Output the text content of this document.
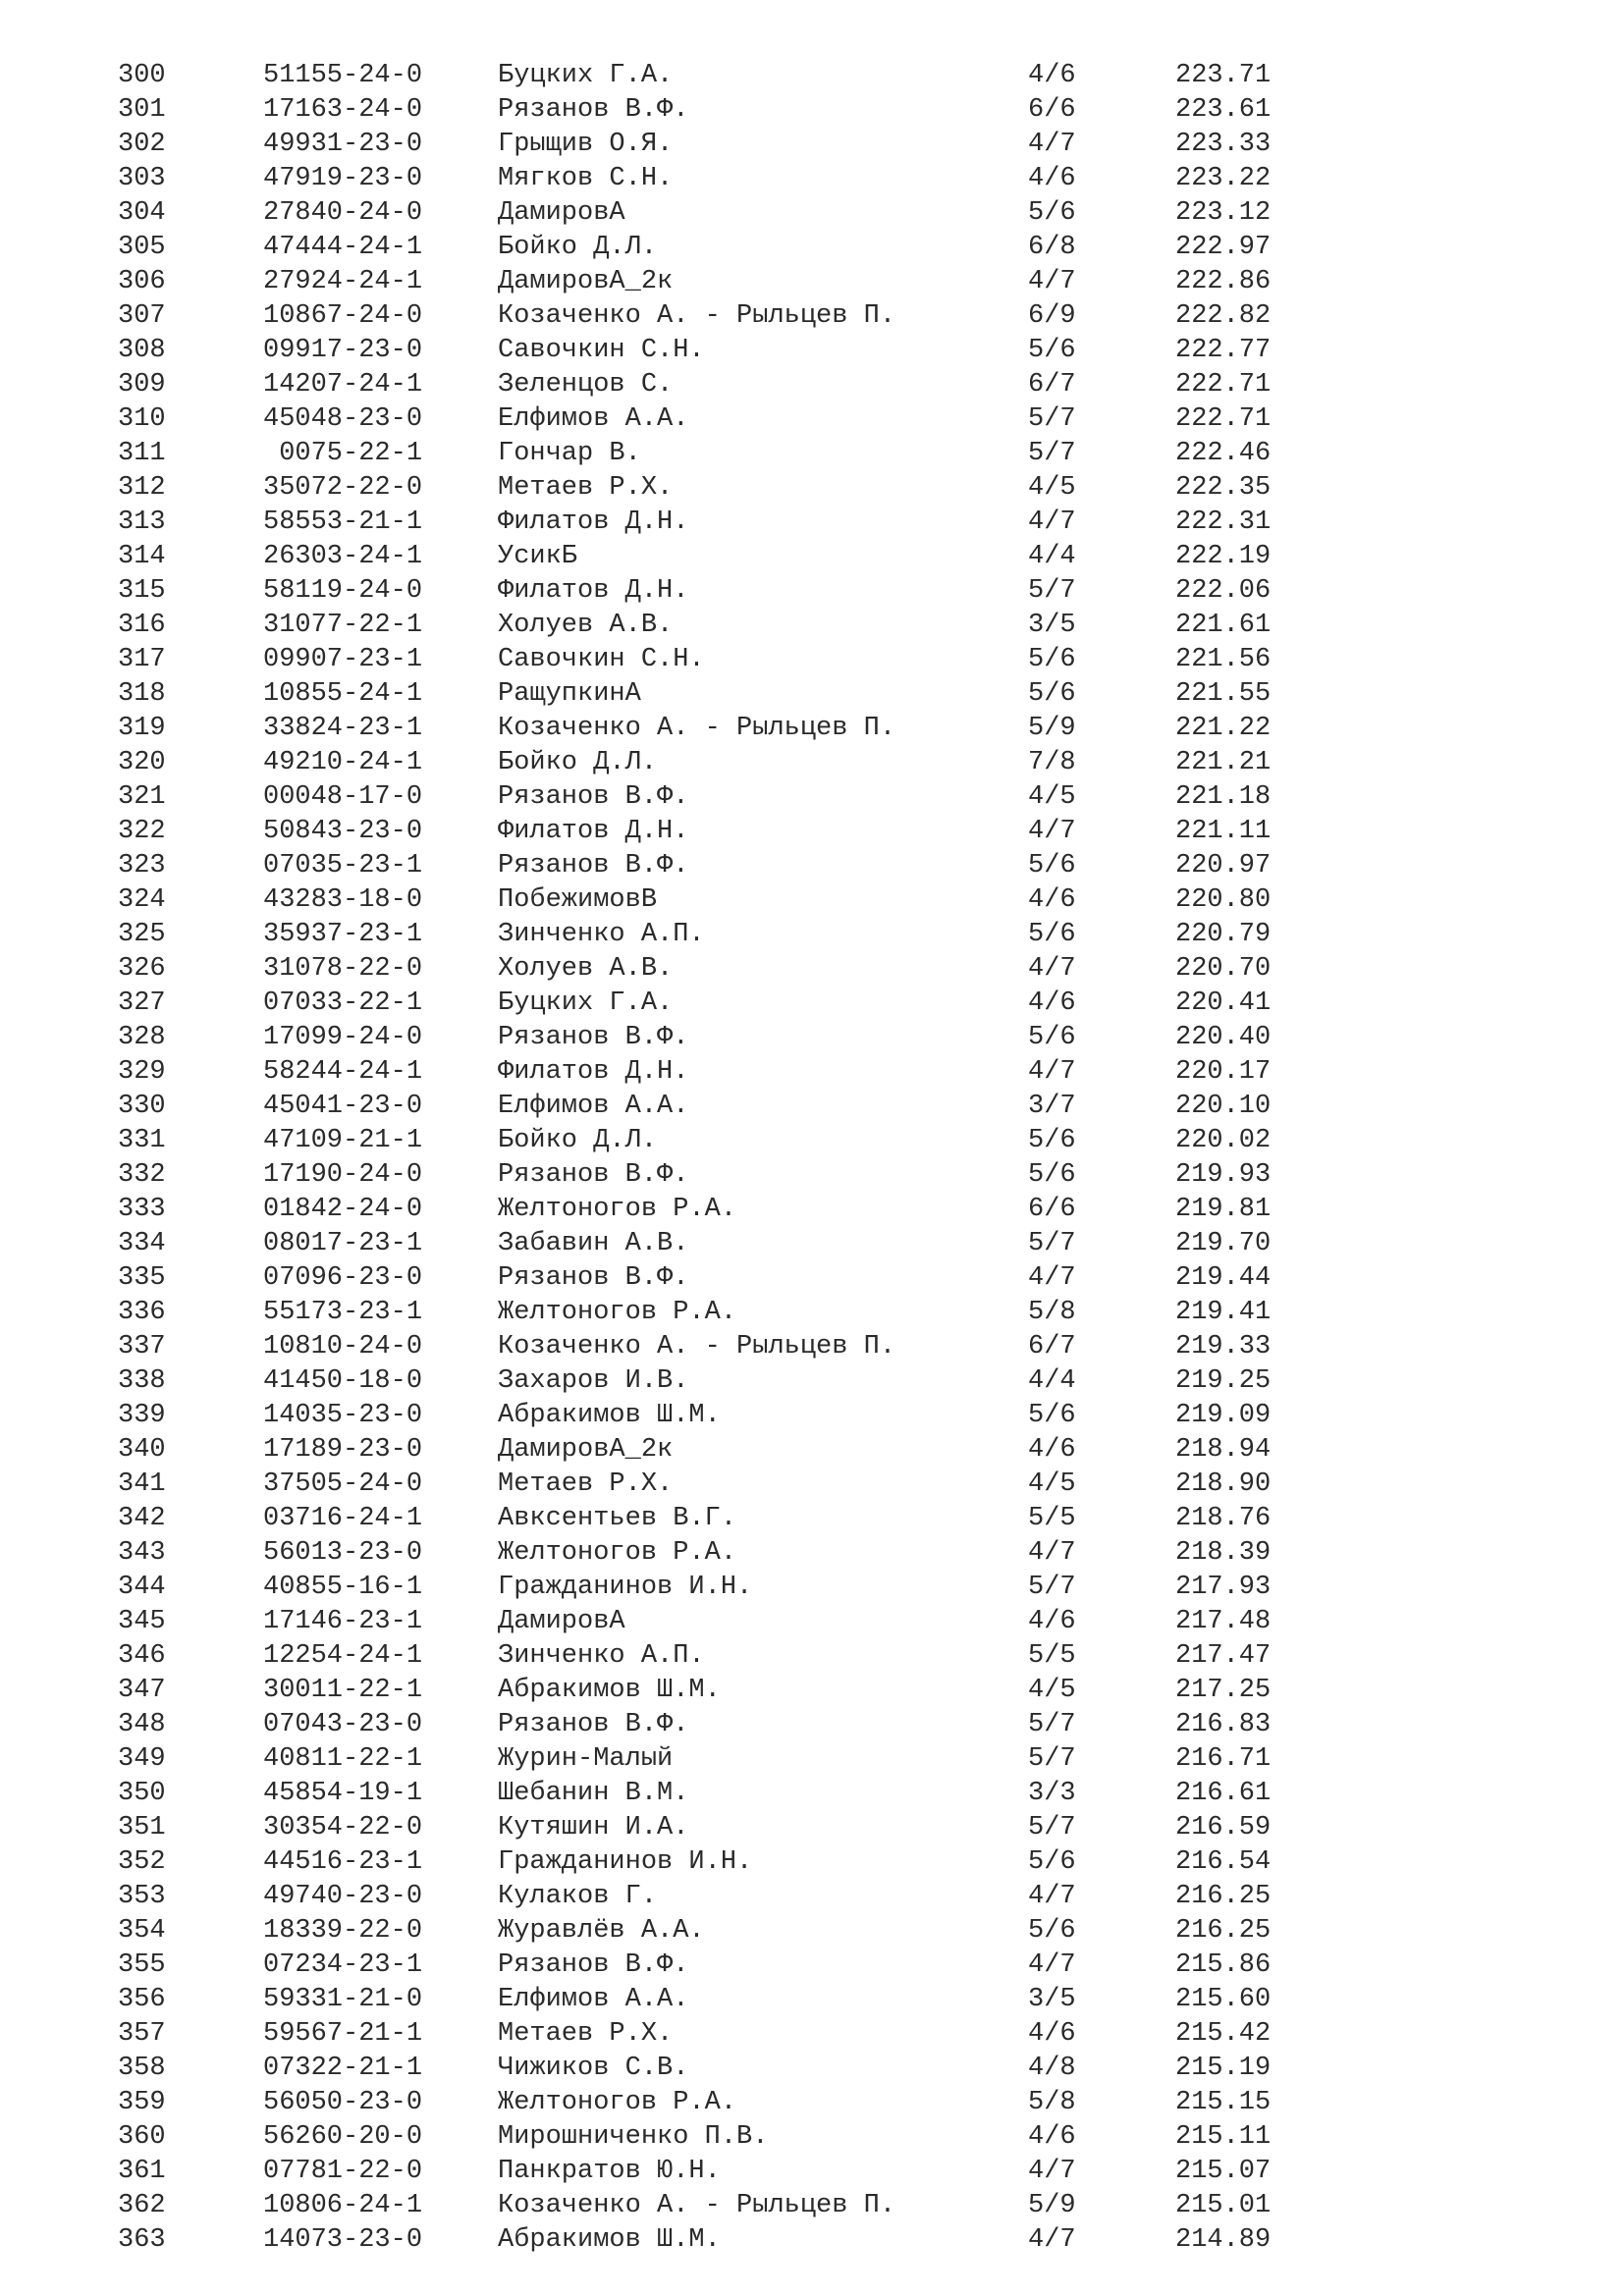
300	51155-24-0	Буцких Г.А.	4/6	223.71
301	17163-24-0	Рязанов В.Ф.	6/6	223.61
302	49931-23-0	Грыщив О.Я.	4/7	223.33
303	47919-23-0	Мягков С.Н.	4/6	223.22
304	27840-24-0	ДамировА	5/6	223.12
305	47444-24-1	Бойко Д.Л.	6/8	222.97
306	27924-24-1	ДамировА_2к	4/7	222.86
307	10867-24-0	Козаченко А. - Рыльцев П.	6/9	222.82
308	09917-23-0	Савочкин С.Н.	5/6	222.77
309	14207-24-1	Зеленцов С.	6/7	222.71
310	45048-23-0	Елфимов А.А.	5/7	222.71
311	0075-22-1	Гончар В.	5/7	222.46
312	35072-22-0	Метаев Р.Х.	4/5	222.35
313	58553-21-1	Филатов Д.Н.	4/7	222.31
314	26303-24-1	УсикБ	4/4	222.19
315	58119-24-0	Филатов Д.Н.	5/7	222.06
316	31077-22-1	Холуев А.В.	3/5	221.61
317	09907-23-1	Савочкин С.Н.	5/6	221.56
318	10855-24-1	РащупкинА	5/6	221.55
319	33824-23-1	Козаченко А. - Рыльцев П.	5/9	221.22
320	49210-24-1	Бойко Д.Л.	7/8	221.21
321	00048-17-0	Рязанов В.Ф.	4/5	221.18
322	50843-23-0	Филатов Д.Н.	4/7	221.11
323	07035-23-1	Рязанов В.Ф.	5/6	220.97
324	43283-18-0	ПобежимовВ	4/6	220.80
325	35937-23-1	Зинченко А.П.	5/6	220.79
326	31078-22-0	Холуев А.В.	4/7	220.70
327	07033-22-1	Буцких Г.А.	4/6	220.41
328	17099-24-0	Рязанов В.Ф.	5/6	220.40
329	58244-24-1	Филатов Д.Н.	4/7	220.17
330	45041-23-0	Елфимов А.А.	3/7	220.10
331	47109-21-1	Бойко Д.Л.	5/6	220.02
332	17190-24-0	Рязанов В.Ф.	5/6	219.93
333	01842-24-0	Желтоногов Р.А.	6/6	219.81
334	08017-23-1	Забавин А.В.	5/7	219.70
335	07096-23-0	Рязанов В.Ф.	4/7	219.44
336	55173-23-1	Желтоногов Р.А.	5/8	219.41
337	10810-24-0	Козаченко А. - Рыльцев П.	6/7	219.33
338	41450-18-0	Захаров И.В.	4/4	219.25
339	14035-23-0	Абракимов Ш.М.	5/6	219.09
340	17189-23-0	ДамировА_2к	4/6	218.94
341	37505-24-0	Метаев Р.Х.	4/5	218.90
342	03716-24-1	Авксентьев В.Г.	5/5	218.76
343	56013-23-0	Желтоногов Р.А.	4/7	218.39
344	40855-16-1	Гражданинов И.Н.	5/7	217.93
345	17146-23-1	ДамировА	4/6	217.48
346	12254-24-1	Зинченко А.П.	5/5	217.47
347	30011-22-1	Абракимов Ш.М.	4/5	217.25
348	07043-23-0	Рязанов В.Ф.	5/7	216.83
349	40811-22-1	Журин-Малый	5/7	216.71
350	45854-19-1	Шебанин В.М.	3/3	216.61
351	30354-22-0	Кутяшин И.А.	5/7	216.59
352	44516-23-1	Гражданинов И.Н.	5/6	216.54
353	49740-23-0	Кулаков Г.	4/7	216.25
354	18339-22-0	Журавлёв А.А.	5/6	216.25
355	07234-23-1	Рязанов В.Ф.	4/7	215.86
356	59331-21-0	Елфимов А.А.	3/5	215.60
357	59567-21-1	Метаев Р.Х.	4/6	215.42
358	07322-21-1	Чижиков С.В.	4/8	215.19
359	56050-23-0	Желтоногов Р.А.	5/8	215.15
360	56260-20-0	Мирошниченко П.В.	4/6	215.11
361	07781-22-0	Панкратов Ю.Н.	4/7	215.07
362	10806-24-1	Козаченко А. - Рыльцев П.	5/9	215.01
363	14073-23-0	Абракимов Ш.М.	4/7	214.89
